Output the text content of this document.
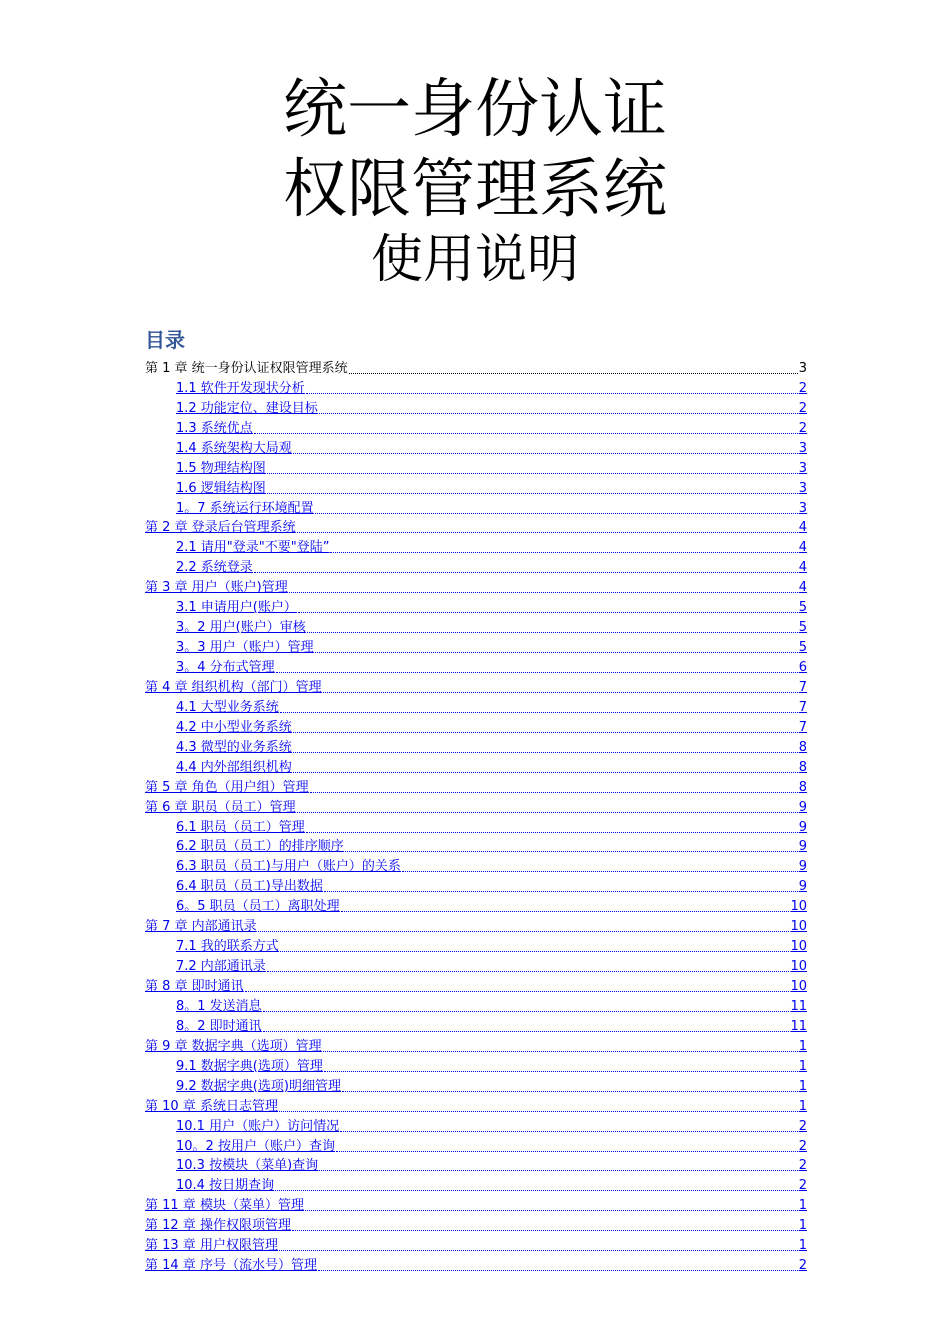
统一身份认证
权限管理系统
使用说明
目录
第 1 章 统一身份认证权限管理系统	3
1.1 软件开发现状分析	2
1.2 功能定位、建设目标	2
1.3 系统优点	2
1.4 系统架构大局观	3
1.5 物理结构图	3
1.6 逻辑结构图	3
1。7 系统运行环境配置	3
第 2 章 登录后台管理系统	4
2.1 请用"登录"不要"登陆”	4
2.2 系统登录	4
第 3 章 用户（账户)管理	4
3.1 申请用户(账户）	5
3。2 用户(账户）审核	5
3。3 用户（账户）管理	5
3。4 分布式管理	6
第 4 章 组织机构（部门）管理	7
4.1 大型业务系统	7
4.2 中小型业务系统	7
4.3 微型的业务系统	8
4.4 内外部组织机构	8
第 5 章 角色（用户组）管理	8
第 6 章 职员（员工）管理	9
6.1 职员（员工）管理	9
6.2 职员（员工）的排序顺序	9
6.3 职员（员工)与用户（账户）的关系	9
6.4 职员（员工)导出数据	9
6。5 职员（员工）离职处理	10
第 7 章 内部通讯录	10
7.1 我的联系方式	10
7.2 内部通讯录	10
第 8 章 即时通讯	10
8。1 发送消息	11
8。2 即时通讯	11
第 9 章 数据字典（选项）管理	1
9.1 数据字典(选项）管理	1
9.2 数据字典(选项)明细管理	1
第 10 章 系统日志管理	1
10.1 用户（账户）访问情况	2
10。2 按用户（账户）查询	2
10.3 按模块（菜单)查询	2
10.4 按日期查询	2
第 11 章 模块（菜单）管理	1
第 12 章 操作权限项管理	1
第 13 章 用户权限管理	1
第 14 章 序号（流水号）管理	2
